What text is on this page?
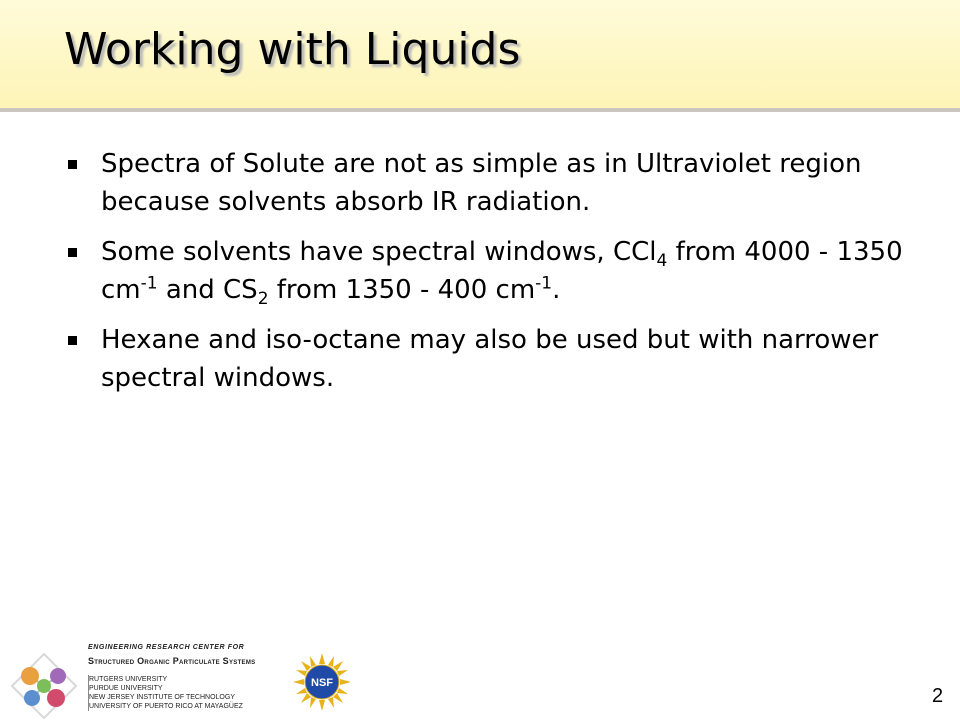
Working with Liquids
Spectra of Solute are not as simple as in Ultraviolet region because solvents absorb IR radiation.
Some solvents have spectral windows, CCl$_4$ from 4000 - 1350 $cm^{-1}$ and $CS_2$ from 1350 - 400 $cm^{-1}$.
Hexane and iso-octane may also be used but with narrower spectral windows.
ENGINEERING RESEARCH CENTER FOR
Structured Organic Particulate Systems
RUTGERS UNIVERSITY
PURDUE UNIVERSITY
NEW JERSEY INSTITUTE OF TECHNOLOGY
UNIVERSITY OF PUERTO RICO AT MAYAGÜEZ
NSF
2
